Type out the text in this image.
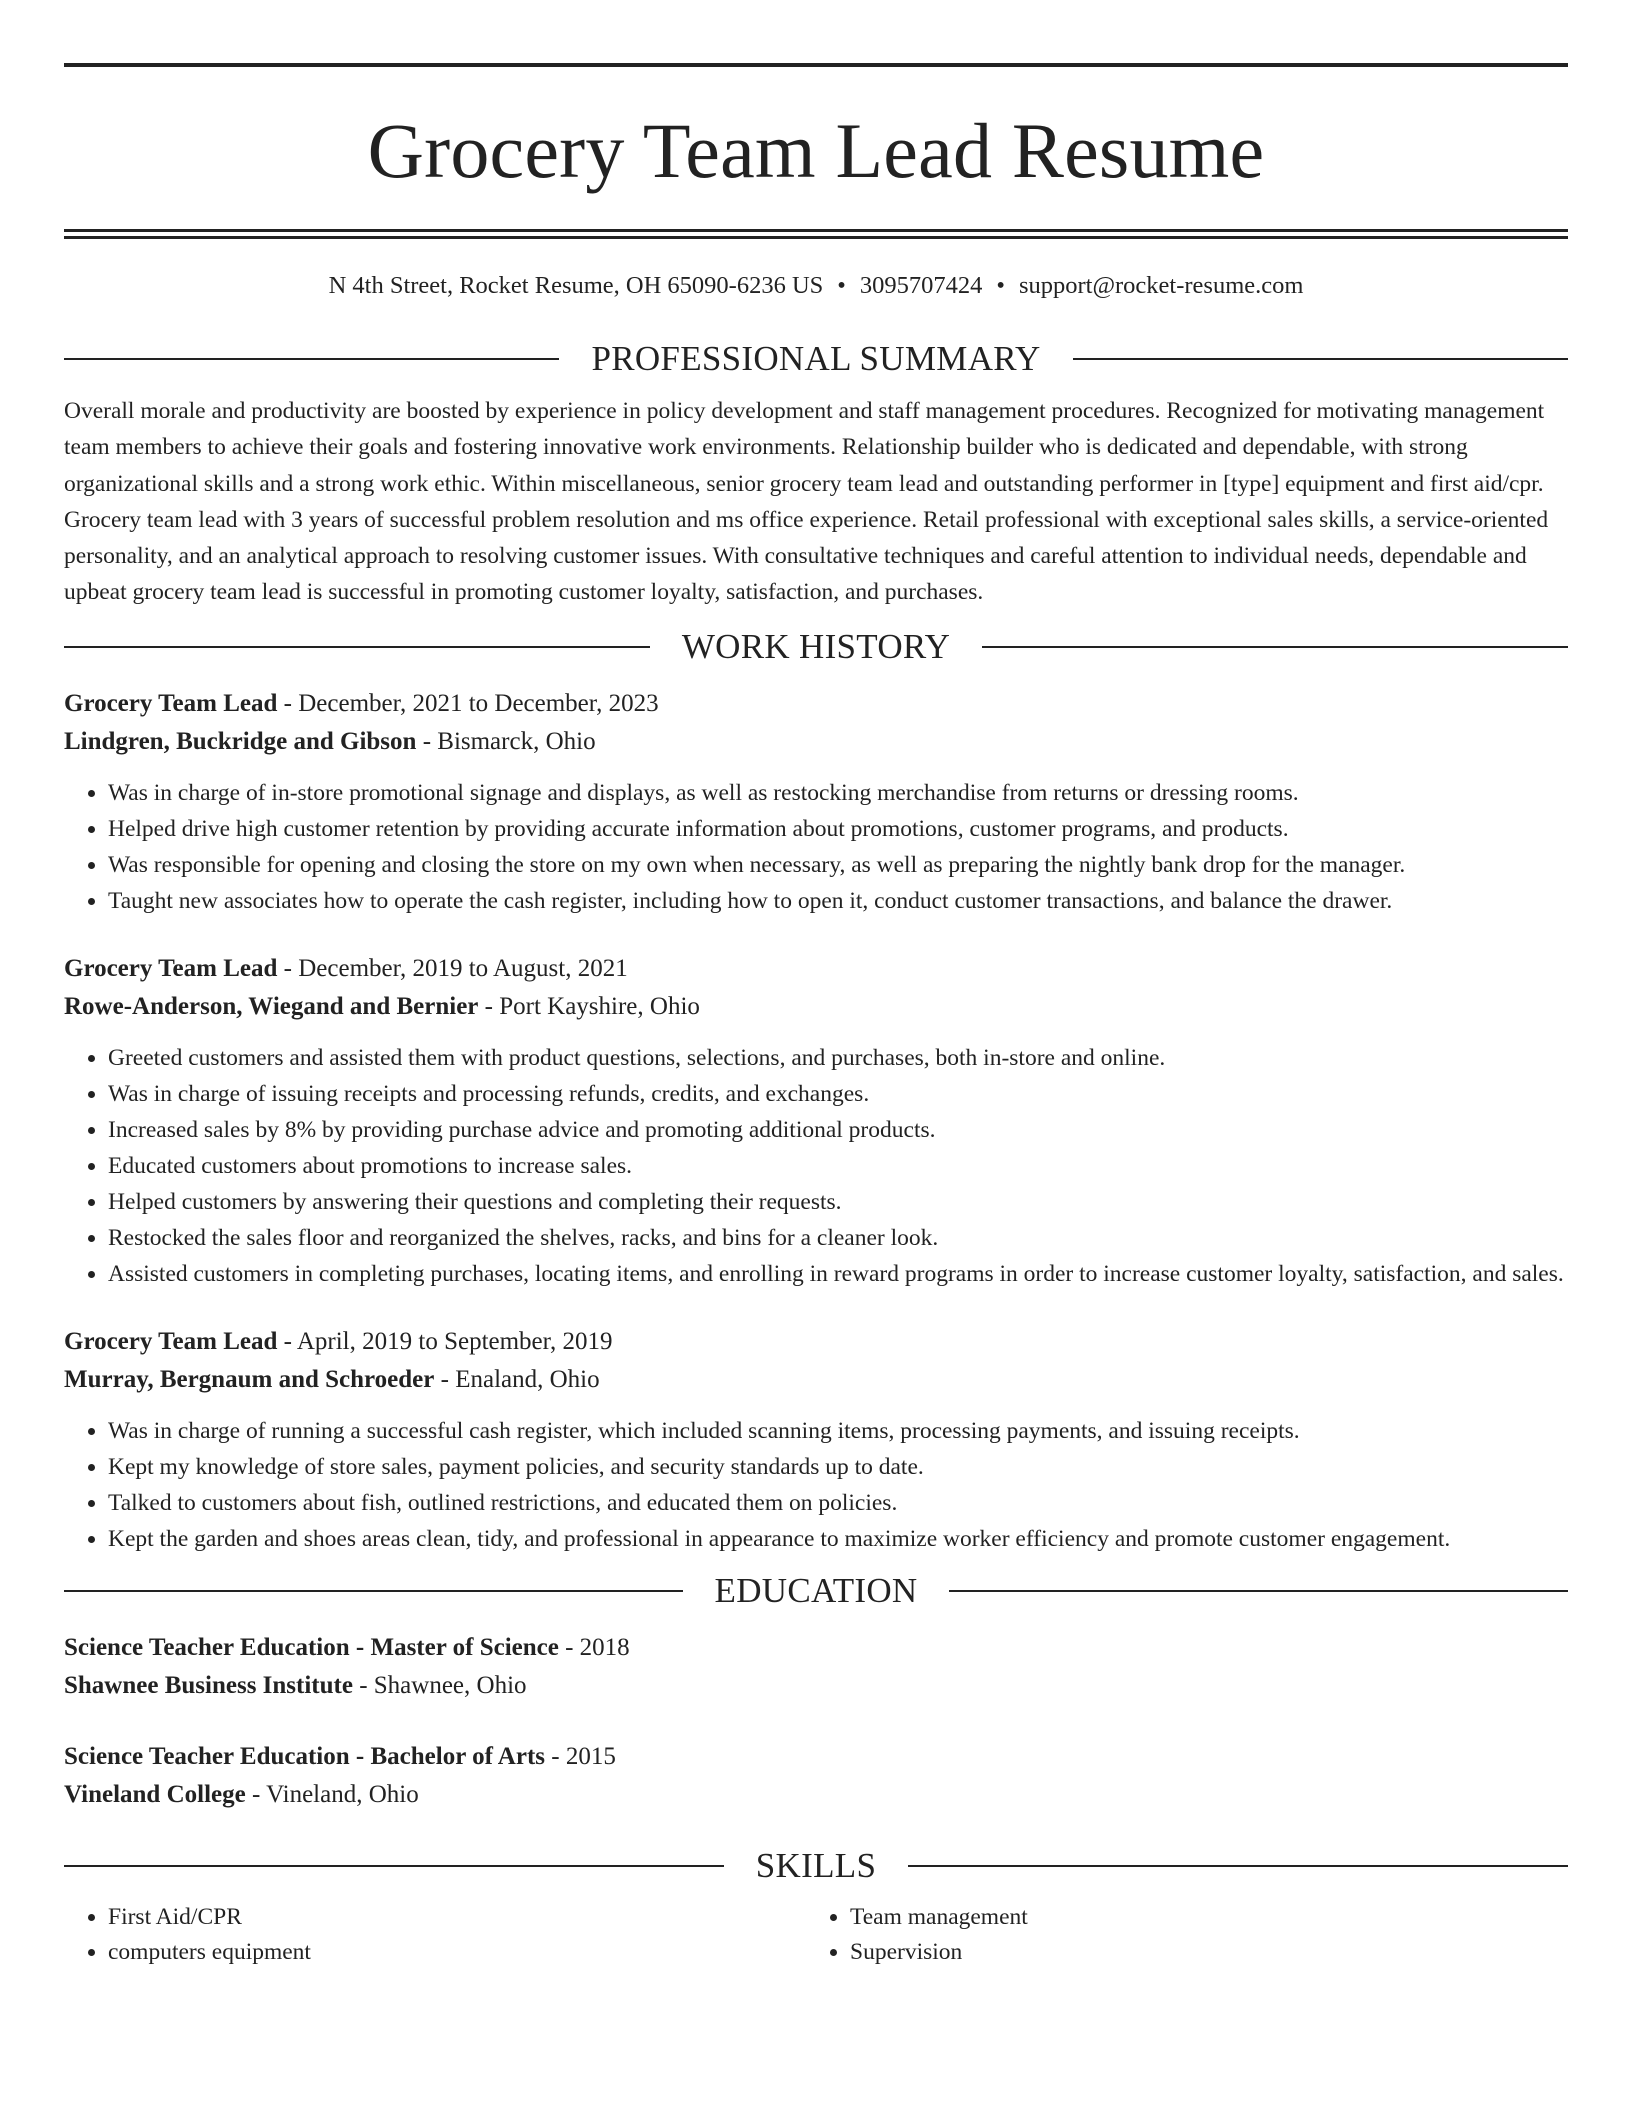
Grocery Team Lead Resume
N 4th Street, Rocket Resume, OH 65090-6236 US • 3095707424 • support@rocket-resume.com
PROFESSIONAL SUMMARY
Overall morale and productivity are boosted by experience in policy development and staff management procedures. Recognized for motivating management team members to achieve their goals and fostering innovative work environments. Relationship builder who is dedicated and dependable, with strong organizational skills and a strong work ethic. Within miscellaneous, senior grocery team lead and outstanding performer in [type] equipment and first aid/cpr. Grocery team lead with 3 years of successful problem resolution and ms office experience. Retail professional with exceptional sales skills, a service-oriented personality, and an analytical approach to resolving customer issues. With consultative techniques and careful attention to individual needs, dependable and upbeat grocery team lead is successful in promoting customer loyalty, satisfaction, and purchases.
WORK HISTORY
Grocery Team Lead - December, 2021 to December, 2023
Lindgren, Buckridge and Gibson - Bismarck, Ohio
• Was in charge of in-store promotional signage and displays, as well as restocking merchandise from returns or dressing rooms.
• Helped drive high customer retention by providing accurate information about promotions, customer programs, and products.
• Was responsible for opening and closing the store on my own when necessary, as well as preparing the nightly bank drop for the manager.
• Taught new associates how to operate the cash register, including how to open it, conduct customer transactions, and balance the drawer.
Grocery Team Lead - December, 2019 to August, 2021
Rowe-Anderson, Wiegand and Bernier - Port Kayshire, Ohio
• Greeted customers and assisted them with product questions, selections, and purchases, both in-store and online.
• Was in charge of issuing receipts and processing refunds, credits, and exchanges.
• Increased sales by 8% by providing purchase advice and promoting additional products.
• Educated customers about promotions to increase sales.
• Helped customers by answering their questions and completing their requests.
• Restocked the sales floor and reorganized the shelves, racks, and bins for a cleaner look.
• Assisted customers in completing purchases, locating items, and enrolling in reward programs in order to increase customer loyalty, satisfaction, and sales.
Grocery Team Lead - April, 2019 to September, 2019
Murray, Bergnaum and Schroeder - Enaland, Ohio
• Was in charge of running a successful cash register, which included scanning items, processing payments, and issuing receipts.
• Kept my knowledge of store sales, payment policies, and security standards up to date.
• Talked to customers about fish, outlined restrictions, and educated them on policies.
• Kept the garden and shoes areas clean, tidy, and professional in appearance to maximize worker efficiency and promote customer engagement.
EDUCATION
Science Teacher Education - Master of Science - 2018
Shawnee Business Institute - Shawnee, Ohio
Science Teacher Education - Bachelor of Arts - 2015
Vineland College - Vineland, Ohio
SKILLS
• First Aid/CPR
• computers equipment
• Team management
• Supervision
